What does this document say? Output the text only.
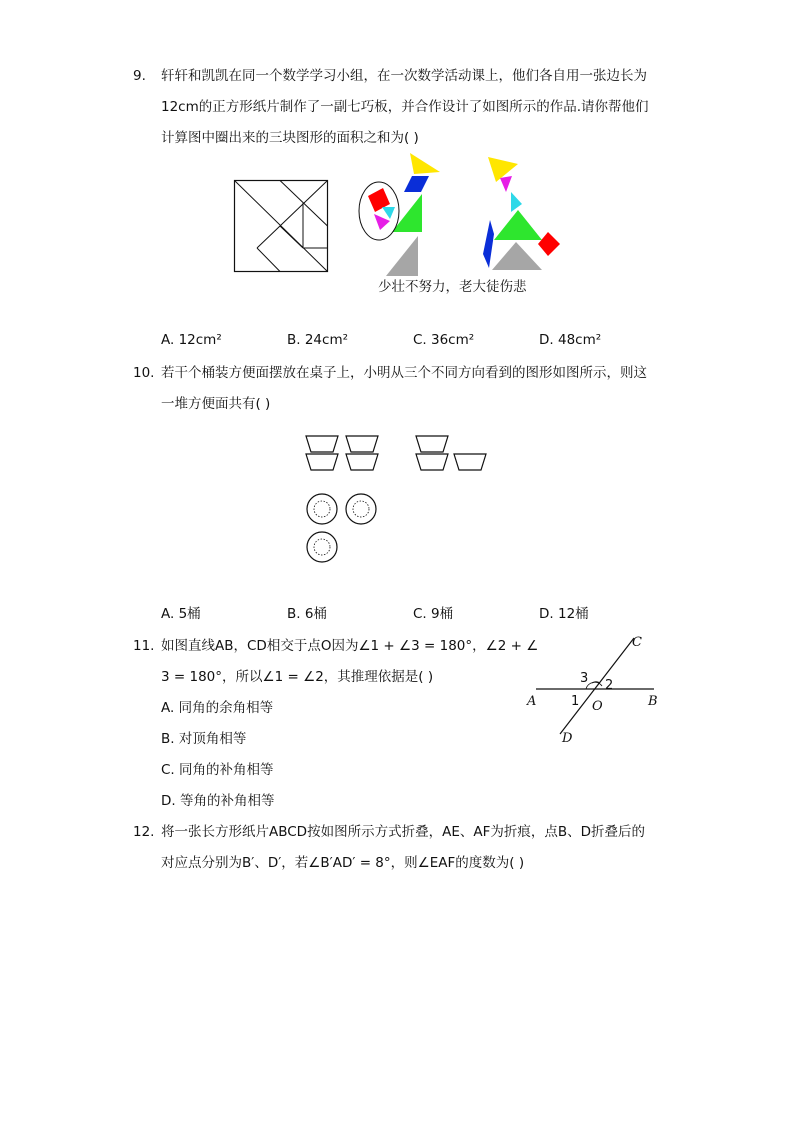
9. 轩轩和凯凯在同一个数学学习小组，在一次数学活动课上，他们各自用一张边长为
12cm的正方形纸片制作了一副七巧板，并合作设计了如图所示的作品.请你帮他们
计算图中圈出来的三块图形的面积之和为( )
少壮不努力，老大徒伤悲
A. 12cm²	B. 24cm²	C. 36cm²	D. 48cm²
10. 若干个桶装方便面摆放在桌子上，小明从三个不同方向看到的图形如图所示，则这
一堆方便面共有( )
A. 5桶	B. 6桶	C. 9桶	D. 12桶
11. 如图直线AB，CD相交于点O因为∠1 + ∠3 = 180°，∠2 + ∠
3 = 180°，所以∠1 = ∠2，其推理依据是( )
A. 同角的余角相等
B. 对顶角相等
C. 同角的补角相等
D. 等角的补角相等
C
A	B
O
D
1
2
3
12. 将一张长方形纸片ABCD按如图所示方式折叠，AE、AF为折痕，点B、D折叠后的
对应点分别为B′、D′，若∠B′AD′ = 8°，则∠EAF的度数为( )
